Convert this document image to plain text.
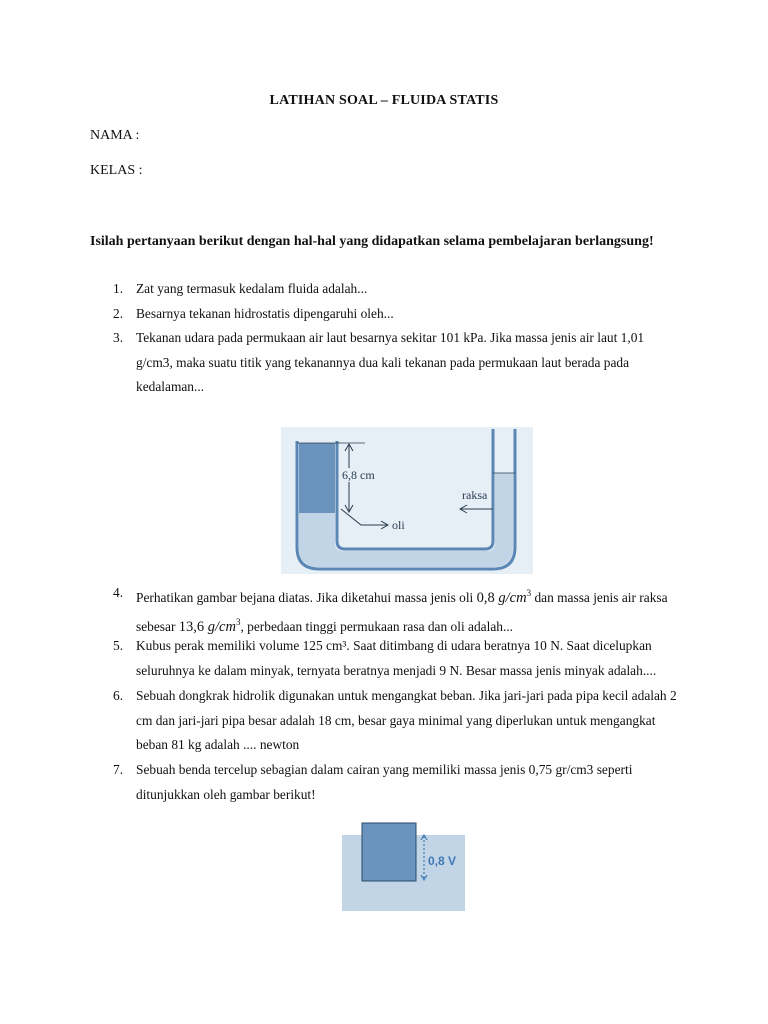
LATIHAN SOAL – FLUIDA STATIS
NAMA :
KELAS :
Isilah pertanyaan berikut dengan hal-hal yang didapatkan selama pembelajaran berlangsung!
1. Zat yang termasuk kedalam fluida adalah...
2. Besarnya tekanan hidrostatis dipengaruhi oleh...
3. Tekanan udara pada permukaan air laut besarnya sekitar 101 kPa. Jika massa jenis air laut 1,01 g/cm3, maka suatu titik yang tekanannya dua kali tekanan pada permukaan laut berada pada kedalaman...
6,8 cm
oli
raksa
4. Perhatikan gambar bejana diatas. Jika diketahui massa jenis oli 0,8 $g/cm^3$ dan massa jenis air raksa sebesar 13,6 $g/cm^3$, perbedaan tinggi permukaan rasa dan oli adalah...
5. Kubus perak memiliki volume 125 cm³. Saat ditimbang di udara beratnya 10 N. Saat dicelupkan seluruhnya ke dalam minyak, ternyata beratnya menjadi 9 N. Besar massa jenis minyak adalah....
6. Sebuah dongkrak hidrolik digunakan untuk mengangkat beban. Jika jari-jari pada pipa kecil adalah 2 cm dan jari-jari pipa besar adalah 18 cm, besar gaya minimal yang diperlukan untuk mengangkat beban 81 kg adalah .... newton
7. Sebuah benda tercelup sebagian dalam cairan yang memiliki massa jenis 0,75 gr/cm3 seperti ditunjukkan oleh gambar berikut!
0,8 V
